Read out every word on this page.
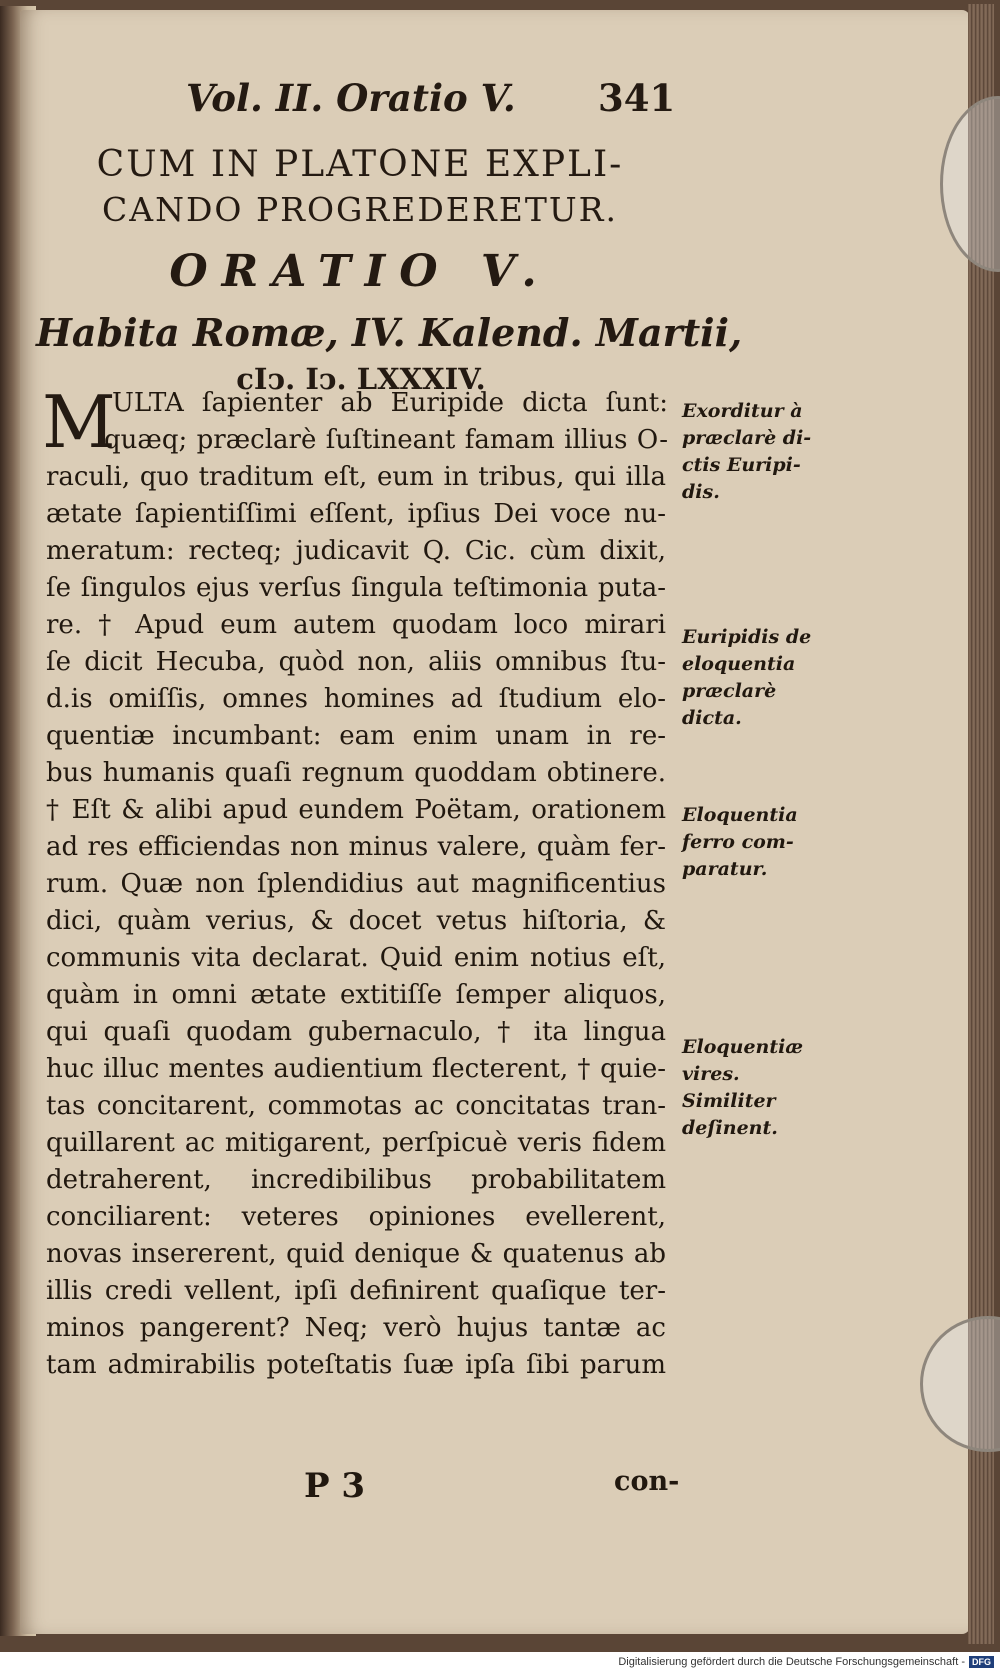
Vol. II. Oratio V. 341
CUM IN PLATONE EXPLI-
CANDO PROGREDERETUR.
ORATIO V.
Habita Romæ, IV. Kalend. Martii,
cIↄ. Iↄ. LXXXIV.
M
ULTA ſapienter ab Euripide dicta ſunt:
quæq; præclarè ſuſtineant famam illius O-
raculi, quo traditum eſt, eum in tribus, qui illa
ætate ſapientiſſimi eſſent, ipſius Dei voce nu-
meratum: recteq; judicavit Q. Cic. cùm dixit,
ſe ſingulos ejus verſus ſingula teſtimonia puta-
re. † Apud eum autem quodam loco mirari
ſe dicit Hecuba, quòd non, aliis omnibus ſtu-
d.is omiſſis, omnes homines ad ſtudium elo-
quentiæ incumbant: eam enim unam in re-
bus humanis quaſi regnum quoddam obtinere.
† Eſt & alibi apud eundem Poëtam, orationem
ad res efficiendas non minus valere, quàm fer-
rum. Quæ non ſplendidius aut magnificentius
dici, quàm verius, & docet vetus hiſtoria, &
communis vita declarat. Quid enim notius eſt,
quàm in omni ætate extitiſſe ſemper aliquos,
qui quaſi quodam gubernaculo, † ita lingua
huc illuc mentes audientium flecterent, † quie-
tas concitarent, commotas ac concitatas tran-
quillarent ac mitigarent, perſpicuè veris fidem
detraherent, incredibilibus probabilitatem
conciliarent: veteres opiniones evellerent,
novas insererent, quid denique & quatenus ab
illis credi vellent, ipſi definirent quaſique ter-
minos pangerent? Neq; verò hujus tantæ ac
tam admirabilis poteſtatis ſuæ ipſa ſibi parum
Exorditur à
præclarè di-
ctis Euripi-
dis.
Euripidis de
eloquentia
præclarè
dicta.
Eloquentia
ferro com-
paratur.
Eloquentiæ
vires.
Similiter
deſinent.
P 3	con-
Digitalisierung gefördert durch die Deutsche Forschungsgemeinschaft - DFG
